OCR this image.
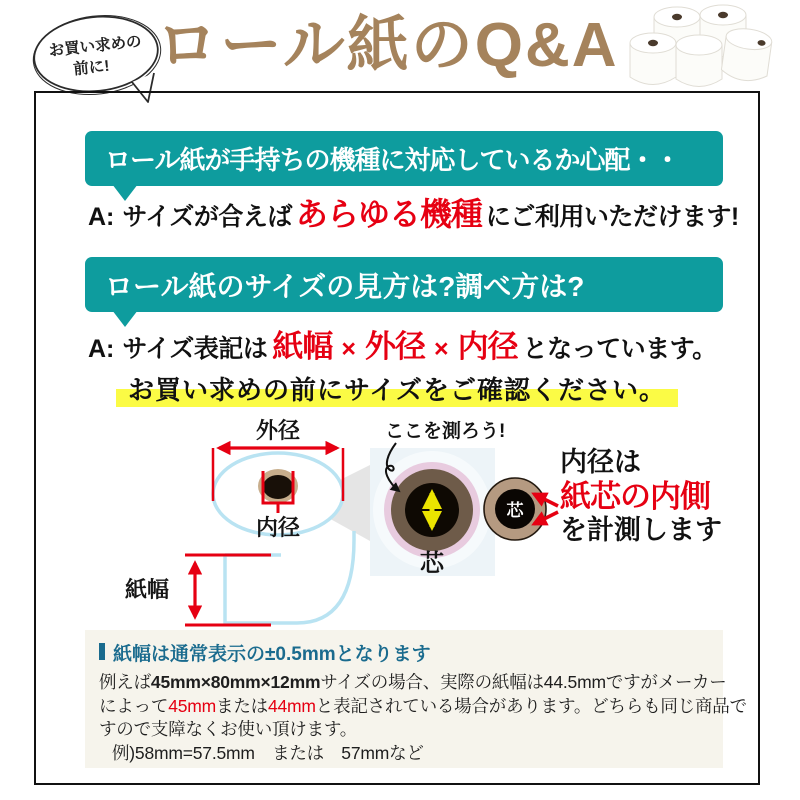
お買い求めの
前に! ロール紙のQ&A
ロール紙が手持ちの機種に対応しているか心配・・
A: サイズが合えば あらゆる機種 にご利用いただけます!
ロール紙のサイズの見方は?調べ方は?
A: サイズ表記は 紙幅 × 外径 × 内径 となっています。
お買い求めの前にサイズをご確認ください。
外径
内径
紙幅
芯
ここを測ろう!
芯
内径は
紙芯の内側
を計測します
紙幅は通常表示の±0.5mmとなります
例えば45mm×80mm×12mmサイズの場合、実際の紙幅は44.5mmですがメーカー
によって45mmまたは44mmと表記されている場合があります。どちらも同じ商品で
すので支障なくお使い頂けます。
例)58mm=57.5mm　または　57mmなど
